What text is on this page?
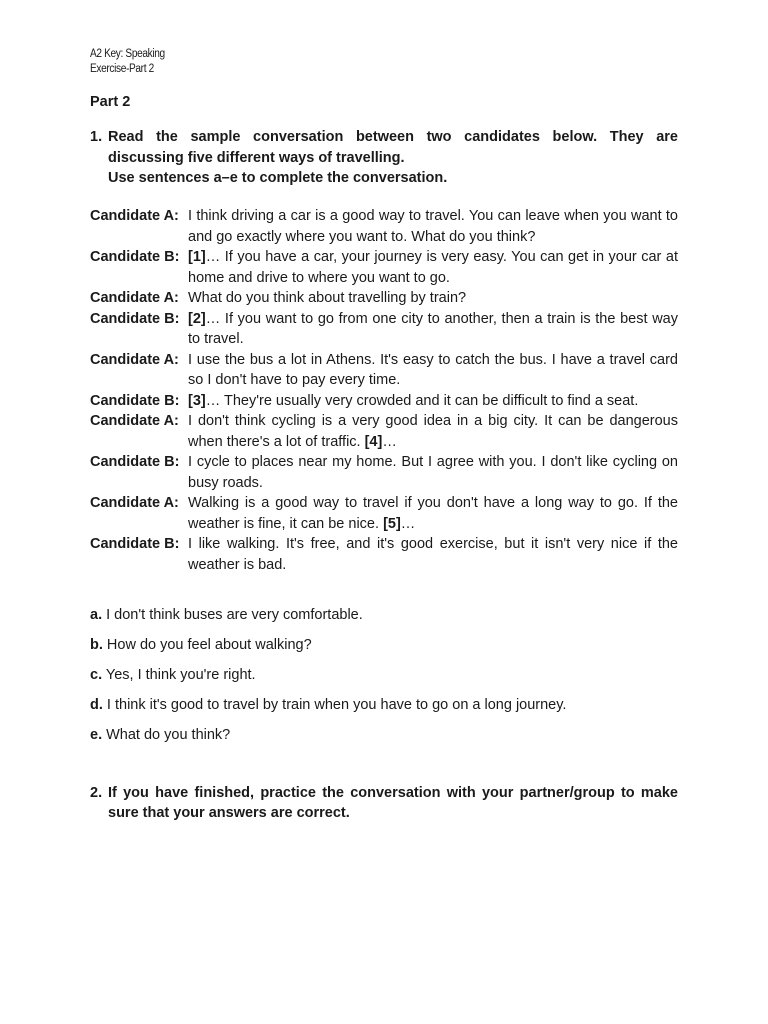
A2 Key: Speaking
Exercise-Part 2
Part 2
1. Read the sample conversation between two candidates below. They are discussing five different ways of travelling.
Use sentences a–e to complete the conversation.
Candidate A: I think driving a car is a good way to travel. You can leave when you want to and go exactly where you want to. What do you think?
Candidate B: [1]… If you have a car, your journey is very easy. You can get in your car at home and drive to where you want to go.
Candidate A: What do you think about travelling by train?
Candidate B: [2]… If you want to go from one city to another, then a train is the best way to travel.
Candidate A: I use the bus a lot in Athens. It's easy to catch the bus. I have a travel card so I don't have to pay every time.
Candidate B: [3]… They're usually very crowded and it can be difficult to find a seat.
Candidate A: I don't think cycling is a very good idea in a big city. It can be dangerous when there's a lot of traffic. [4]…
Candidate B: I cycle to places near my home. But I agree with you. I don't like cycling on busy roads.
Candidate A: Walking is a good way to travel if you don't have a long way to go. If the weather is fine, it can be nice. [5]…
Candidate B: I like walking. It's free, and it's good exercise, but it isn't very nice if the weather is bad.
a. I don't think buses are very comfortable.
b. How do you feel about walking?
c. Yes, I think you're right.
d. I think it's good to travel by train when you have to go on a long journey.
e. What do you think?
2. If you have finished, practice the conversation with your partner/group to make sure that your answers are correct.
